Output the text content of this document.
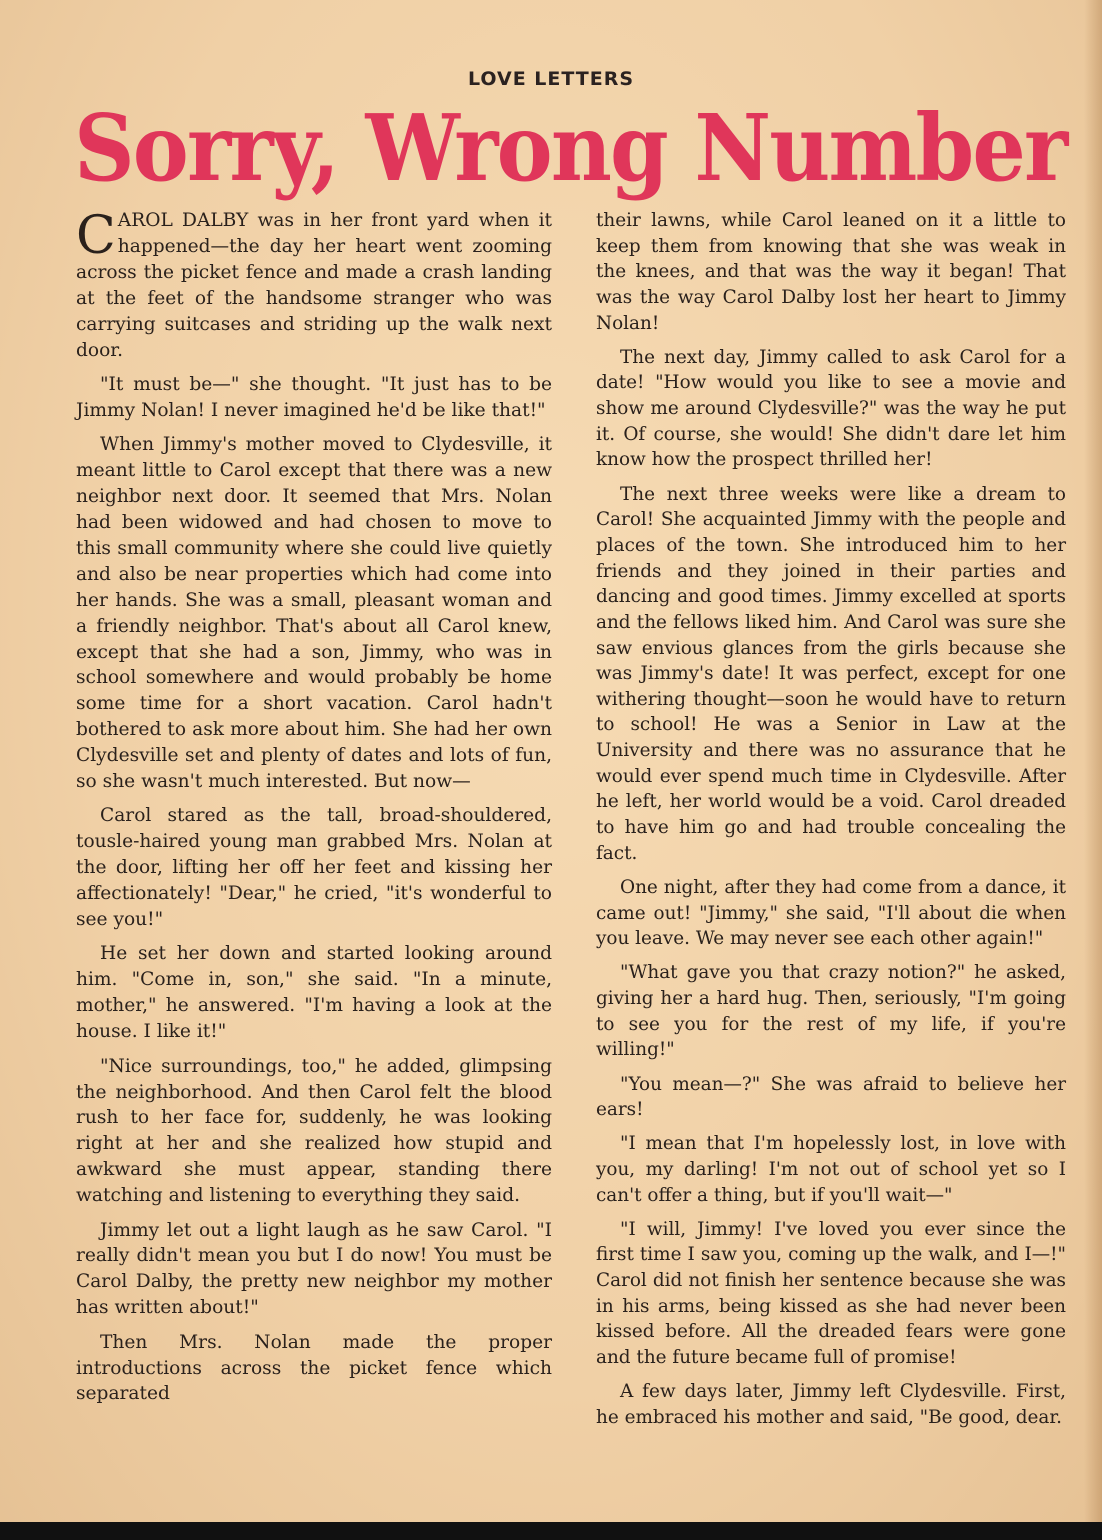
LOVE LETTERS
Sorry, Wrong Number

CAROL DALBY was in her front yard when it happened—the day her heart went zooming across the picket fence and made a crash landing at the feet of the handsome stranger who was carrying suitcases and striding up the walk next door.

"It must be—" she thought. "It just has to be Jimmy Nolan! I never imagined he'd be like that!"

When Jimmy's mother moved to Clydesville, it meant little to Carol except that there was a new neighbor next door. It seemed that Mrs. Nolan had been widowed and had chosen to move to this small community where she could live quietly and also be near properties which had come into her hands. She was a small, pleasant woman and a friendly neighbor. That's about all Carol knew, except that she had a son, Jimmy, who was in school somewhere and would probably be home some time for a short vacation. Carol hadn't bothered to ask more about him. She had her own Clydesville set and plenty of dates and lots of fun, so she wasn't much interested. But now—

Carol stared as the tall, broad-shouldered, tousle-haired young man grabbed Mrs. Nolan at the door, lifting her off her feet and kissing her affectionately! "Dear," he cried, "it's wonderful to see you!"

He set her down and started looking around him. "Come in, son," she said. "In a minute, mother," he answered. "I'm having a look at the house. I like it!"

"Nice surroundings, too," he added, glimpsing the neighborhood. And then Carol felt the blood rush to her face for, suddenly, he was looking right at her and she realized how stupid and awkward she must appear, standing there watching and listening to everything they said.

Jimmy let out a light laugh as he saw Carol. "I really didn't mean you but I do now! You must be Carol Dalby, the pretty new neighbor my mother has written about!"

Then Mrs. Nolan made the proper introductions across the picket fence which separated

their lawns, while Carol leaned on it a little to keep them from knowing that she was weak in the knees, and that was the way it began! That was the way Carol Dalby lost her heart to Jimmy Nolan!

The next day, Jimmy called to ask Carol for a date! "How would you like to see a movie and show me around Clydesville?" was the way he put it. Of course, she would! She didn't dare let him know how the prospect thrilled her!

The next three weeks were like a dream to Carol! She acquainted Jimmy with the people and places of the town. She introduced him to her friends and they joined in their parties and dancing and good times. Jimmy excelled at sports and the fellows liked him. And Carol was sure she saw envious glances from the girls because she was Jimmy's date! It was perfect, except for one withering thought—soon he would have to return to school! He was a Senior in Law at the University and there was no assurance that he would ever spend much time in Clydesville. After he left, her world would be a void. Carol dreaded to have him go and had trouble concealing the fact.

One night, after they had come from a dance, it came out! "Jimmy," she said, "I'll about die when you leave. We may never see each other again!"

"What gave you that crazy notion?" he asked, giving her a hard hug. Then, seriously, "I'm going to see you for the rest of my life, if you're willing!"

"You mean—?" She was afraid to believe her ears!

"I mean that I'm hopelessly lost, in love with you, my darling! I'm not out of school yet so I can't offer a thing, but if you'll wait—"

"I will, Jimmy! I've loved you ever since the first time I saw you, coming up the walk, and I—!" Carol did not finish her sentence because she was in his arms, being kissed as she had never been kissed before. All the dreaded fears were gone and the future became full of promise!

A few days later, Jimmy left Clydesville. First, he embraced his mother and said, "Be good, dear.
